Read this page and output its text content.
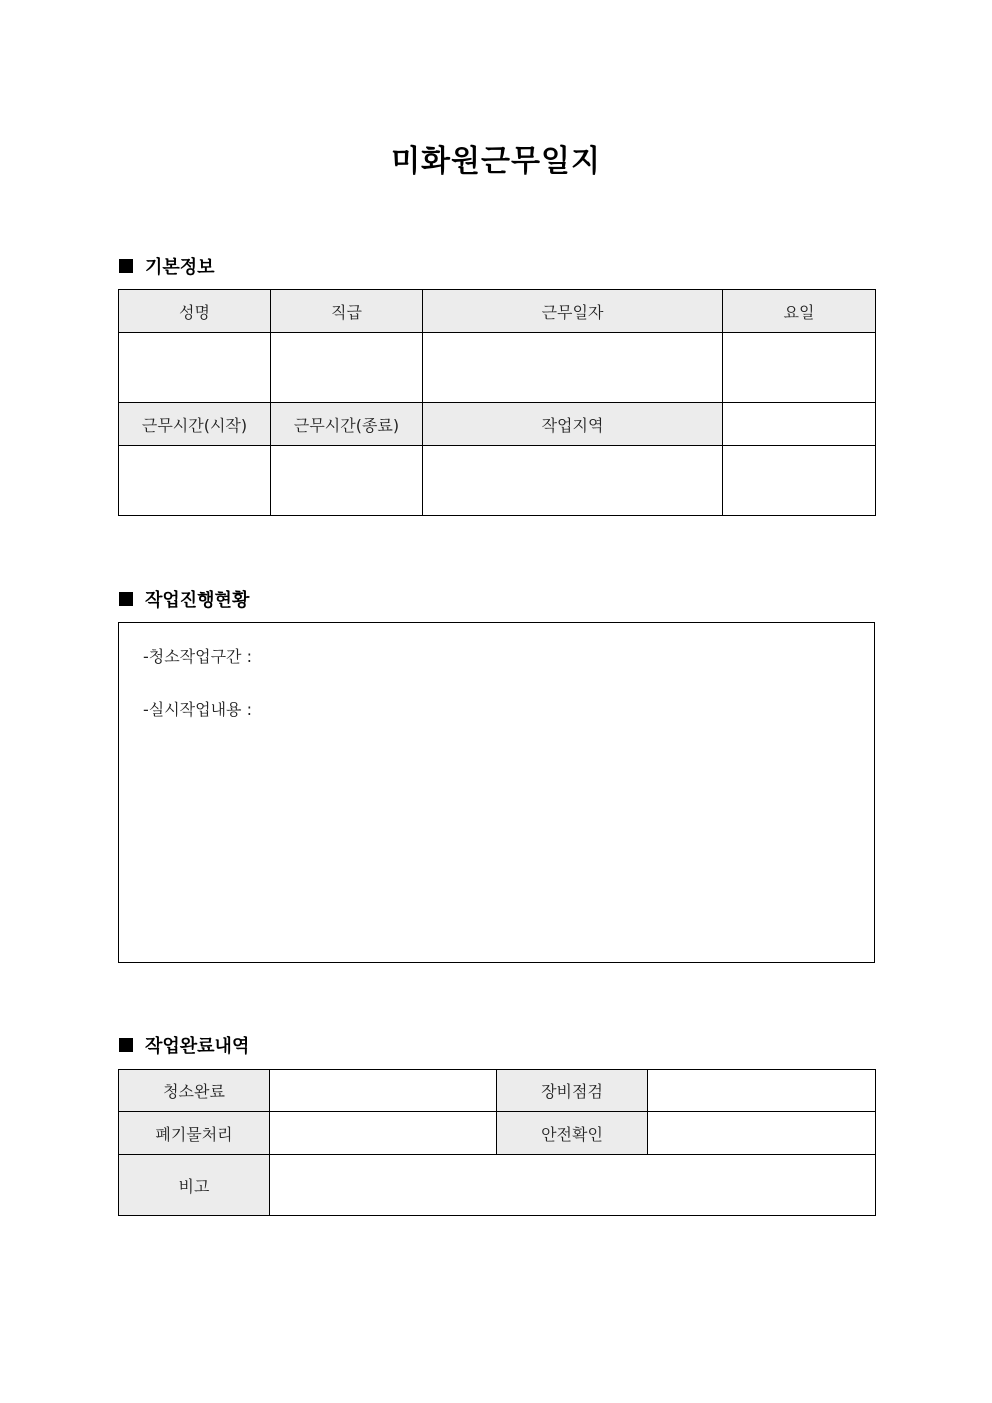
미화원근무일지
기본정보
성명	직급	근무일자	요일

근무시간(시작)	근무시간(종료)	작업지역	

작업진행현황
-청소작업구간 :
-실시작업내용 :
작업완료내역
청소완료		장비점검	
폐기물처리		안전확인	
비고			
